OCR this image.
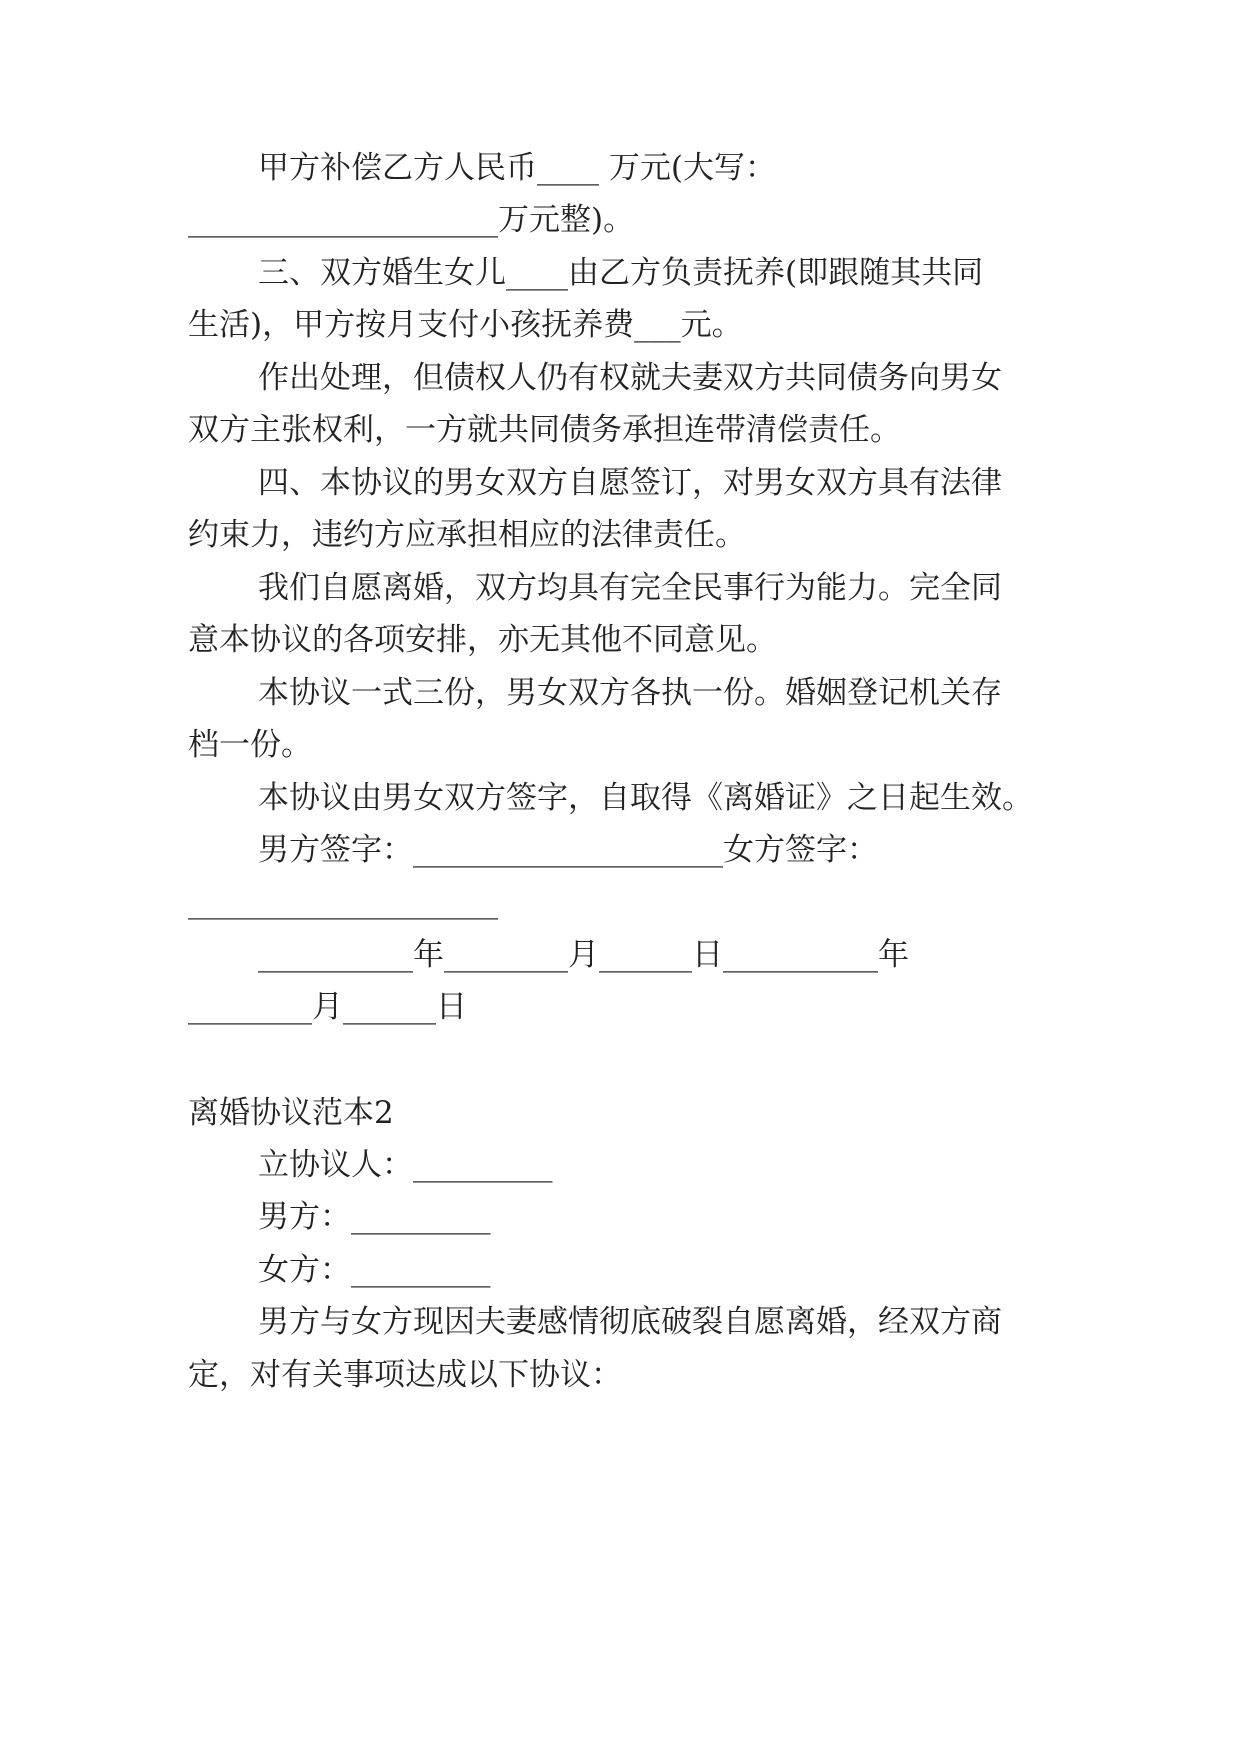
甲方补偿乙方人民币____ 万元(大写：
____________________万元整)。
三、双方婚生女儿____由乙方负责抚养(即跟随其共同
生活)，甲方按月支付小孩抚养费___元。
作出处理，但债权人仍有权就夫妻双方共同债务向男女
双方主张权利，一方就共同债务承担连带清偿责任。
四、本协议的男女双方自愿签订，对男女双方具有法律
约束力，违约方应承担相应的法律责任。
我们自愿离婚，双方均具有完全民事行为能力。完全同
意本协议的各项安排，亦无其他不同意见。
本协议一式三份，男女双方各执一份。婚姻登记机关存
档一份。
本协议由男女双方签字，自取得《离婚证》之日起生效。
男方签字：____________________女方签字：
____________________
__________年________月______日__________年
________月______日
离婚协议范本2
立协议人：_________
男方：_________
女方：_________
男方与女方现因夫妻感情彻底破裂自愿离婚，经双方商
定，对有关事项达成以下协议：
